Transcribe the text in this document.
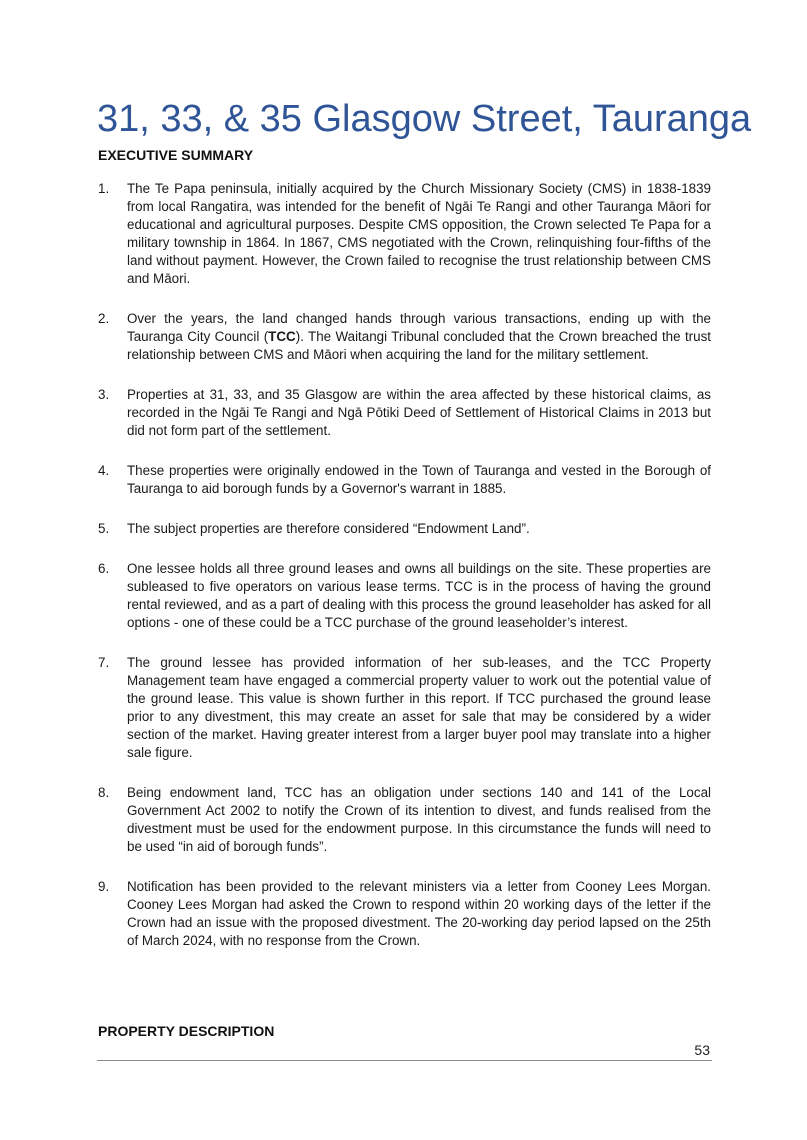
31, 33, & 35 Glasgow Street, Tauranga
EXECUTIVE SUMMARY
1. The Te Papa peninsula, initially acquired by the Church Missionary Society (CMS) in 1838-1839 from local Rangatira, was intended for the benefit of Ngāi Te Rangi and other Tauranga Māori for educational and agricultural purposes. Despite CMS opposition, the Crown selected Te Papa for a military township in 1864. In 1867, CMS negotiated with the Crown, relinquishing four-fifths of the land without payment. However, the Crown failed to recognise the trust relationship between CMS and Māori.
2. Over the years, the land changed hands through various transactions, ending up with the Tauranga City Council (TCC). The Waitangi Tribunal concluded that the Crown breached the trust relationship between CMS and Māori when acquiring the land for the military settlement.
3. Properties at 31, 33, and 35 Glasgow are within the area affected by these historical claims, as recorded in the Ngāi Te Rangi and Ngā Pōtiki Deed of Settlement of Historical Claims in 2013 but did not form part of the settlement.
4. These properties were originally endowed in the Town of Tauranga and vested in the Borough of Tauranga to aid borough funds by a Governor's warrant in 1885.
5. The subject properties are therefore considered “Endowment Land”.
6. One lessee holds all three ground leases and owns all buildings on the site. These properties are subleased to five operators on various lease terms. TCC is in the process of having the ground rental reviewed, and as a part of dealing with this process the ground leaseholder has asked for all options - one of these could be a TCC purchase of the ground leaseholder’s interest.
7. The ground lessee has provided information of her sub-leases, and the TCC Property Management team have engaged a commercial property valuer to work out the potential value of the ground lease. This value is shown further in this report. If TCC purchased the ground lease prior to any divestment, this may create an asset for sale that may be considered by a wider section of the market. Having greater interest from a larger buyer pool may translate into a higher sale figure.
8. Being endowment land, TCC has an obligation under sections 140 and 141 of the Local Government Act 2002 to notify the Crown of its intention to divest, and funds realised from the divestment must be used for the endowment purpose. In this circumstance the funds will need to be used “in aid of borough funds”.
9. Notification has been provided to the relevant ministers via a letter from Cooney Lees Morgan. Cooney Lees Morgan had asked the Crown to respond within 20 working days of the letter if the Crown had an issue with the proposed divestment. The 20-working day period lapsed on the 25th of March 2024, with no response from the Crown.
PROPERTY DESCRIPTION
53
